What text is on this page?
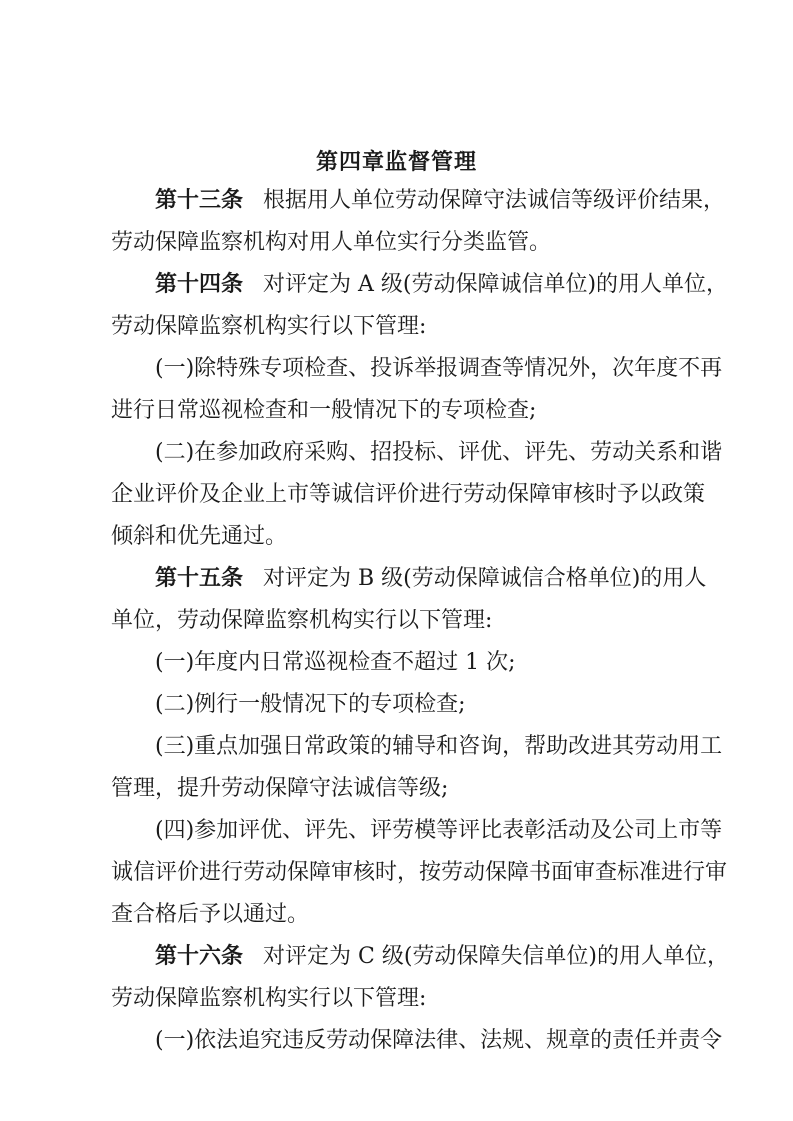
第四章监督管理
第十三条 根据用人单位劳动保障守法诚信等级评价结果，
劳动保障监察机构对用人单位实行分类监管。
第十四条 对评定为 A 级(劳动保障诚信单位)的用人单位，
劳动保障监察机构实行以下管理:
(一)除特殊专项检查、投诉举报调查等情况外，次年度不再
进行日常巡视检查和一般情况下的专项检查;
(二)在参加政府采购、招投标、评优、评先、劳动关系和谐
企业评价及企业上市等诚信评价进行劳动保障审核时予以政策
倾斜和优先通过。
第十五条 对评定为 B 级(劳动保障诚信合格单位)的用人
单位，劳动保障监察机构实行以下管理:
(一)年度内日常巡视检查不超过 1 次;
(二)例行一般情况下的专项检查;
(三)重点加强日常政策的辅导和咨询，帮助改进其劳动用工
管理，提升劳动保障守法诚信等级;
(四)参加评优、评先、评劳模等评比表彰活动及公司上市等
诚信评价进行劳动保障审核时，按劳动保障书面审查标准进行审
查合格后予以通过。
第十六条 对评定为 C 级(劳动保障失信单位)的用人单位，
劳动保障监察机构实行以下管理:
(一)依法追究违反劳动保障法律、法规、规章的责任并责令
